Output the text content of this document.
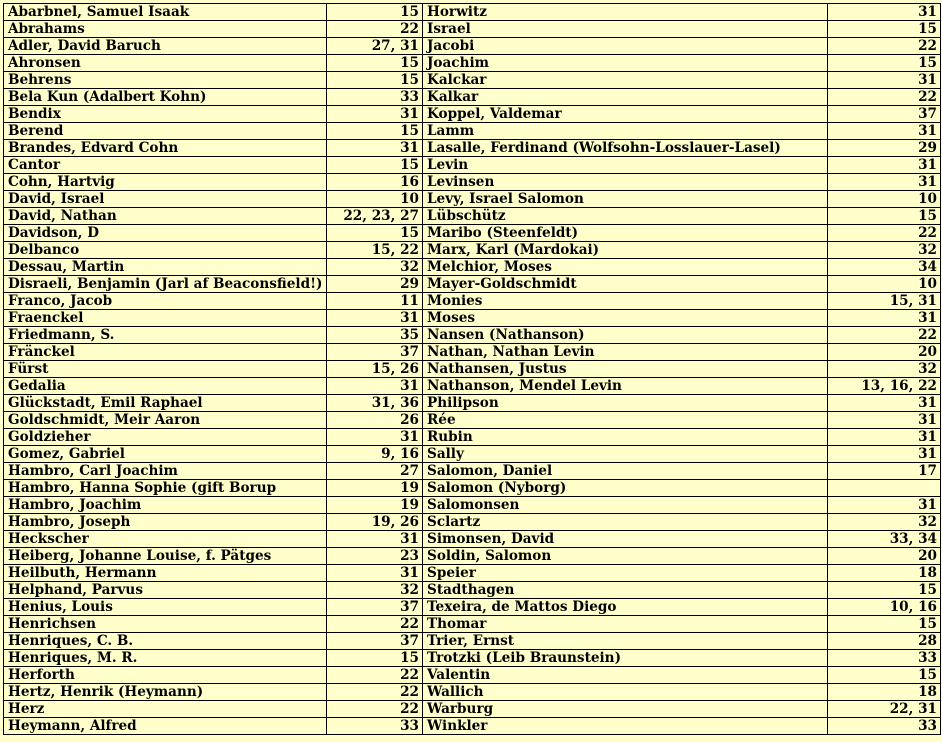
Abarbnel, Samuel Isaak	15	Horwitz	31
Abrahams	22	Israel	15
Adler, David Baruch	27, 31	Jacobi	22
Ahronsen	15	Joachim	15
Behrens	15	Kalckar	31
Bela Kun (Adalbert Kohn)	33	Kalkar	22
Bendix	31	Koppel, Valdemar	37
Berend	15	Lamm	31
Brandes, Edvard Cohn	31	Lasalle, Ferdinand (Wolfsohn-Losslauer-Lasel)	29
Cantor	15	Levin	31
Cohn, Hartvig	16	Levinsen	31
David, Israel	10	Levy, Israel Salomon	10
David, Nathan	22, 23, 27	Lübschütz	15
Davidson, D	15	Maribo (Steenfeldt)	22
Delbanco	15, 22	Marx, Karl (Mardokai)	32
Dessau, Martin	32	Melchior, Moses	34
Disraeli, Benjamin (Jarl af Beaconsfield!)	29	Mayer-Goldschmidt	10
Franco, Jacob	11	Monies	15, 31
Fraenckel	31	Moses	31
Friedmann, S.	35	Nansen (Nathanson)	22
Fränckel	37	Nathan, Nathan Levin	20
Fürst	15, 26	Nathansen, Justus	32
Gedalia	31	Nathanson, Mendel Levin	13, 16, 22
Glückstadt, Emil Raphael	31, 36	Philipson	31
Goldschmidt, Meir Aaron	26	Rée	31
Goldzieher	31	Rubin	31
Gomez, Gabriel	9, 16	Sally	31
Hambro, Carl Joachim	27	Salomon, Daniel	17
Hambro, Hanna Sophie (gift Borup	19	Salomon (Nyborg)	
Hambro, Joachim	19	Salomonsen	31
Hambro, Joseph	19, 26	Sclartz	32
Heckscher	31	Simonsen, David	33, 34
Heiberg, Johanne Louise, f. Pätges	23	Soldin, Salomon	20
Heilbuth, Hermann	31	Speier	18
Helphand, Parvus	32	Stadthagen	15
Henius, Louis	37	Texeira, de Mattos Diego	10, 16
Henrichsen	22	Thomar	15
Henriques, C. B.	37	Trier, Ernst	28
Henriques, M. R.	15	Trotzki (Leib Braunstein)	33
Herforth	22	Valentin	15
Hertz, Henrik (Heymann)	22	Wallich	18
Herz	22	Warburg	22, 31
Heymann, Alfred	33	Winkler	33
